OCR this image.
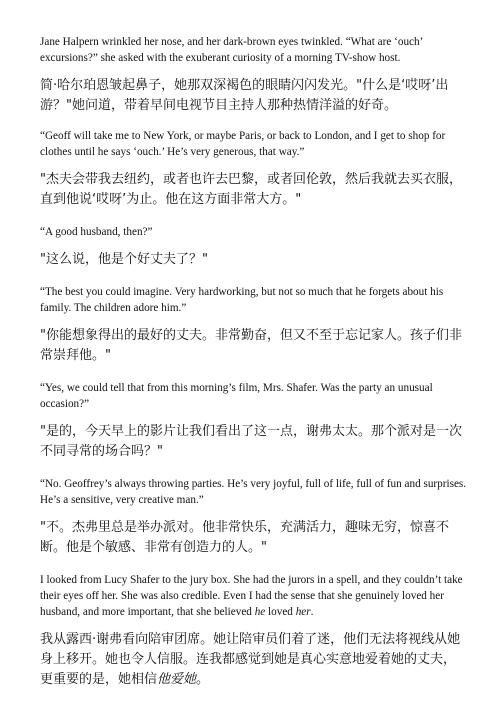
Jane Halpern wrinkled her nose, and her dark-brown eyes twinkled. “What are ‘ouch’ excursions?” she asked with the exuberant curiosity of a morning TV-show host.

简·哈尔珀恩皱起鼻子，她那双深褐色的眼睛闪闪发光。"什么是‘哎呀’出游？"她问道，带着早间电视节目主持人那种热情洋溢的好奇。

“Geoff will take me to New York, or maybe Paris, or back to London, and I get to shop for clothes until he says ‘ouch.’ He’s very generous, that way.”

"杰夫会带我去纽约，或者也许去巴黎，或者回伦敦，然后我就去买衣服，直到他说‘哎呀’为止。他在这方面非常大方。"

“A good husband, then?”

"这么说，他是个好丈夫了？"

“The best you could imagine. Very hardworking, but not so much that he forgets about his family. The children adore him.”

"你能想象得出的最好的丈夫。非常勤奋，但又不至于忘记家人。孩子们非常崇拜他。"

“Yes, we could tell that from this morning’s film, Mrs. Shafer. Was the party an unusual occasion?”

"是的，今天早上的影片让我们看出了这一点，谢弗太太。那个派对是一次不同寻常的场合吗？"

“No. Geoffrey’s always throwing parties. He’s very joyful, full of life, full of fun and surprises. He’s a sensitive, very creative man.”

"不。杰弗里总是举办派对。他非常快乐，充满活力，趣味无穷，惊喜不断。他是个敏感、非常有创造力的人。"

I looked from Lucy Shafer to the jury box. She had the jurors in a spell, and they couldn’t take their eyes off her. She was also credible. Even I had the sense that she genuinely loved her husband, and more important, that she believed he loved her.

我从露西·谢弗看向陪审团席。她让陪审员们着了迷，他们无法将视线从她身上移开。她也令人信服。连我都感觉到她是真心实意地爱着她的丈夫，更重要的是，她相信他爱她。
